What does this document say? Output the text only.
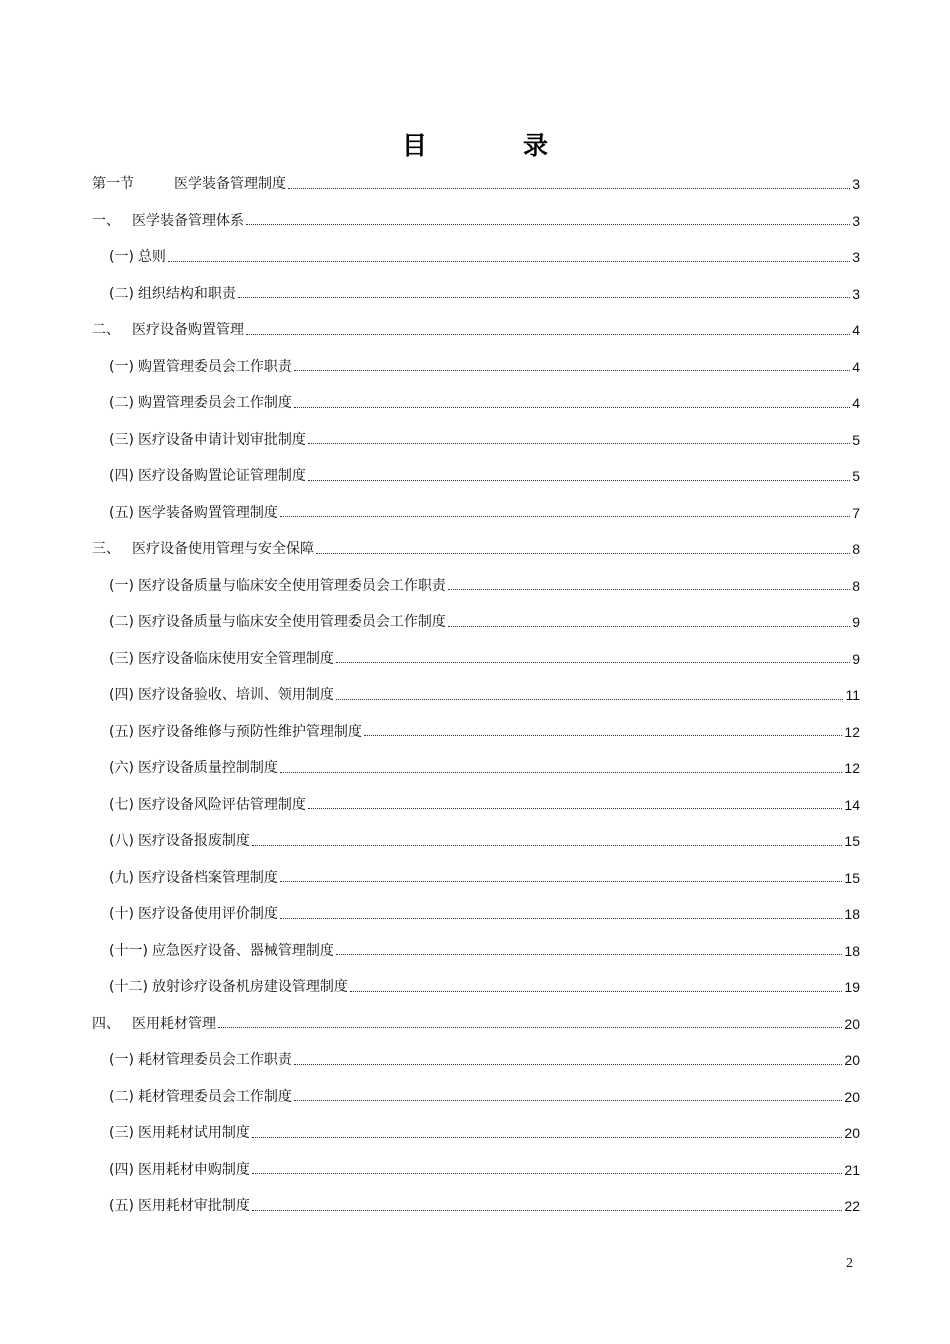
目	录
第一节	医学装备管理制度	3
一、 医学装备管理体系	3
(一) 总则	3
(二) 组织结构和职责	3
二、 医疗设备购置管理	4
(一) 购置管理委员会工作职责	4
(二) 购置管理委员会工作制度	4
(三) 医疗设备申请计划审批制度	5
(四) 医疗设备购置论证管理制度	5
(五) 医学装备购置管理制度	7
三、 医疗设备使用管理与安全保障	8
(一) 医疗设备质量与临床安全使用管理委员会工作职责	8
(二) 医疗设备质量与临床安全使用管理委员会工作制度	9
(三) 医疗设备临床使用安全管理制度	9
(四) 医疗设备验收、培训、领用制度	11
(五) 医疗设备维修与预防性维护管理制度	12
(六) 医疗设备质量控制制度	12
(七) 医疗设备风险评估管理制度	14
(八) 医疗设备报废制度	15
(九) 医疗设备档案管理制度	15
(十) 医疗设备使用评价制度	18
(十一) 应急医疗设备、器械管理制度	18
(十二) 放射诊疗设备机房建设管理制度	19
四、 医用耗材管理	20
(一) 耗材管理委员会工作职责	20
(二) 耗材管理委员会工作制度	20
(三) 医用耗材试用制度	20
(四) 医用耗材申购制度	21
(五) 医用耗材审批制度	22
2
